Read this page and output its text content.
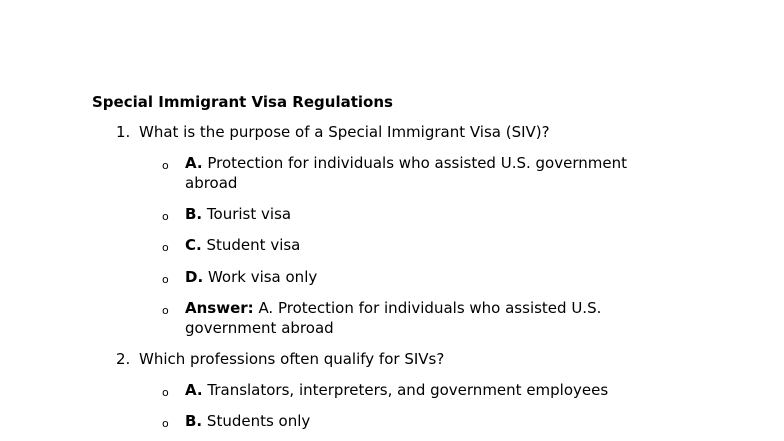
Special Immigrant Visa Regulations
1. What is the purpose of a Special Immigrant Visa (SIV)?
o A. Protection for individuals who assisted U.S. government abroad
o B. Tourist visa
o C. Student visa
o D. Work visa only
o Answer: A. Protection for individuals who assisted U.S. government abroad
2. Which professions often qualify for SIVs?
o A. Translators, interpreters, and government employees
o B. Students only
